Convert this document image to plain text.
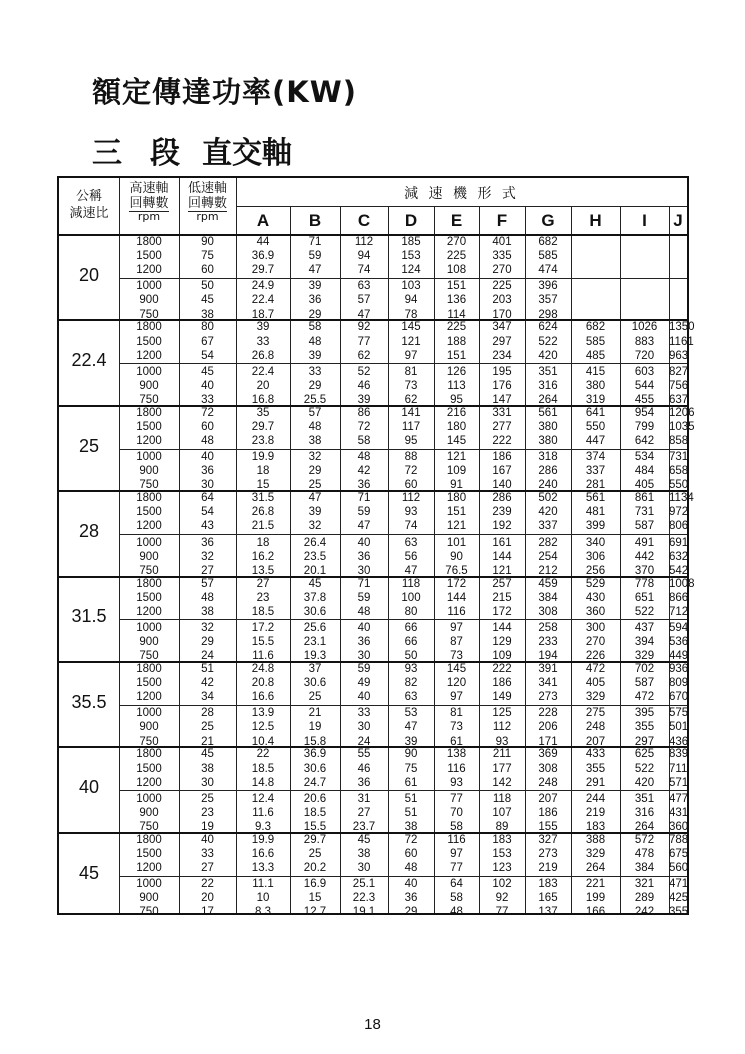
額定傳達功率(KW)
三 段 直交軸
公稱
減速比
高速軸
回轉數
rpm
低速軸
回轉數
rpm
減 速 機 形 式
A	B	C	D	E	F	G	H	I	J
20
1800	90	44	71	112	185	270	401	682
1500	75	36.9	59	94	153	225	335	585
1200	60	29.7	47	74	124	108	270	474
1000	50	24.9	39	63	103	151	225	396
900	45	22.4	36	57	94	136	203	357
750	38	18.7	29	47	78	114	170	298
22.4
1800	80	39	58	92	145	225	347	624	682	1026	1350
1500	67	33	48	77	121	188	297	522	585	883	1161
1200	54	26.8	39	62	97	151	234	420	485	720	963
1000	45	22.4	33	52	81	126	195	351	415	603	827
900	40	20	29	46	73	113	176	316	380	544	756
750	33	16.8	25.5	39	62	95	147	264	319	455	637
25
1800	72	35	57	86	141	216	331	561	641	954	1206
1500	60	29.7	48	72	117	180	277	380	550	799	1035
1200	48	23.8	38	58	95	145	222	380	447	642	858
1000	40	19.9	32	48	88	121	186	318	374	534	731
900	36	18	29	42	72	109	167	286	337	484	658
750	30	15	25	36	60	91	140	240	281	405	550
28
1800	64	31.5	47	71	112	180	286	502	561	861	1134
1500	54	26.8	39	59	93	151	239	420	481	731	972
1200	43	21.5	32	47	74	121	192	337	399	587	806
1000	36	18	26.4	40	63	101	161	282	340	491	691
900	32	16.2	23.5	36	56	90	144	254	306	442	632
750	27	13.5	20.1	30	47	76.5	121	212	256	370	542
31.5
1800	57	27	45	71	118	172	257	459	529	778	1008
1500	48	23	37.8	59	100	144	215	384	430	651	866
1200	38	18.5	30.6	48	80	116	172	308	360	522	712
1000	32	17.2	25.6	40	66	97	144	258	300	437	594
900	29	15.5	23.1	36	66	87	129	233	270	394	536
750	24	11.6	19.3	30	50	73	109	194	226	329	449
35.5
1800	51	24.8	37	59	93	145	222	391	472	702	936
1500	42	20.8	30.6	49	82	120	186	341	405	587	809
1200	34	16.6	25	40	63	97	149	273	329	472	670
1000	28	13.9	21	33	53	81	125	228	275	395	575
900	25	12.5	19	30	47	73	112	206	248	355	501
750	21	10.4	15.8	24	39	61	93	171	207	297	436
40
1800	45	22	36.9	55	90	138	211	369	433	625	839
1500	38	18.5	30.6	46	75	116	177	308	355	522	711
1200	30	14.8	24.7	36	61	93	142	248	291	420	571
1000	25	12.4	20.6	31	51	77	118	207	244	351	477
900	23	11.6	18.5	27	51	70	107	186	219	316	431
750	19	9.3	15.5	23.7	38	58	89	155	183	264	360
45
1800	40	19.9	29.7	45	72	116	183	327	388	572	788
1500	33	16.6	25	38	60	97	153	273	329	478	675
1200	27	13.3	20.2	30	48	77	123	219	264	384	560
1000	22	11.1	16.9	25.1	40	64	102	183	221	321	471
900	20	10	15	22.3	36	58	92	165	199	289	425
750	17	8.3	12.7	19.1	29	48	77	137	166	242	355
18
